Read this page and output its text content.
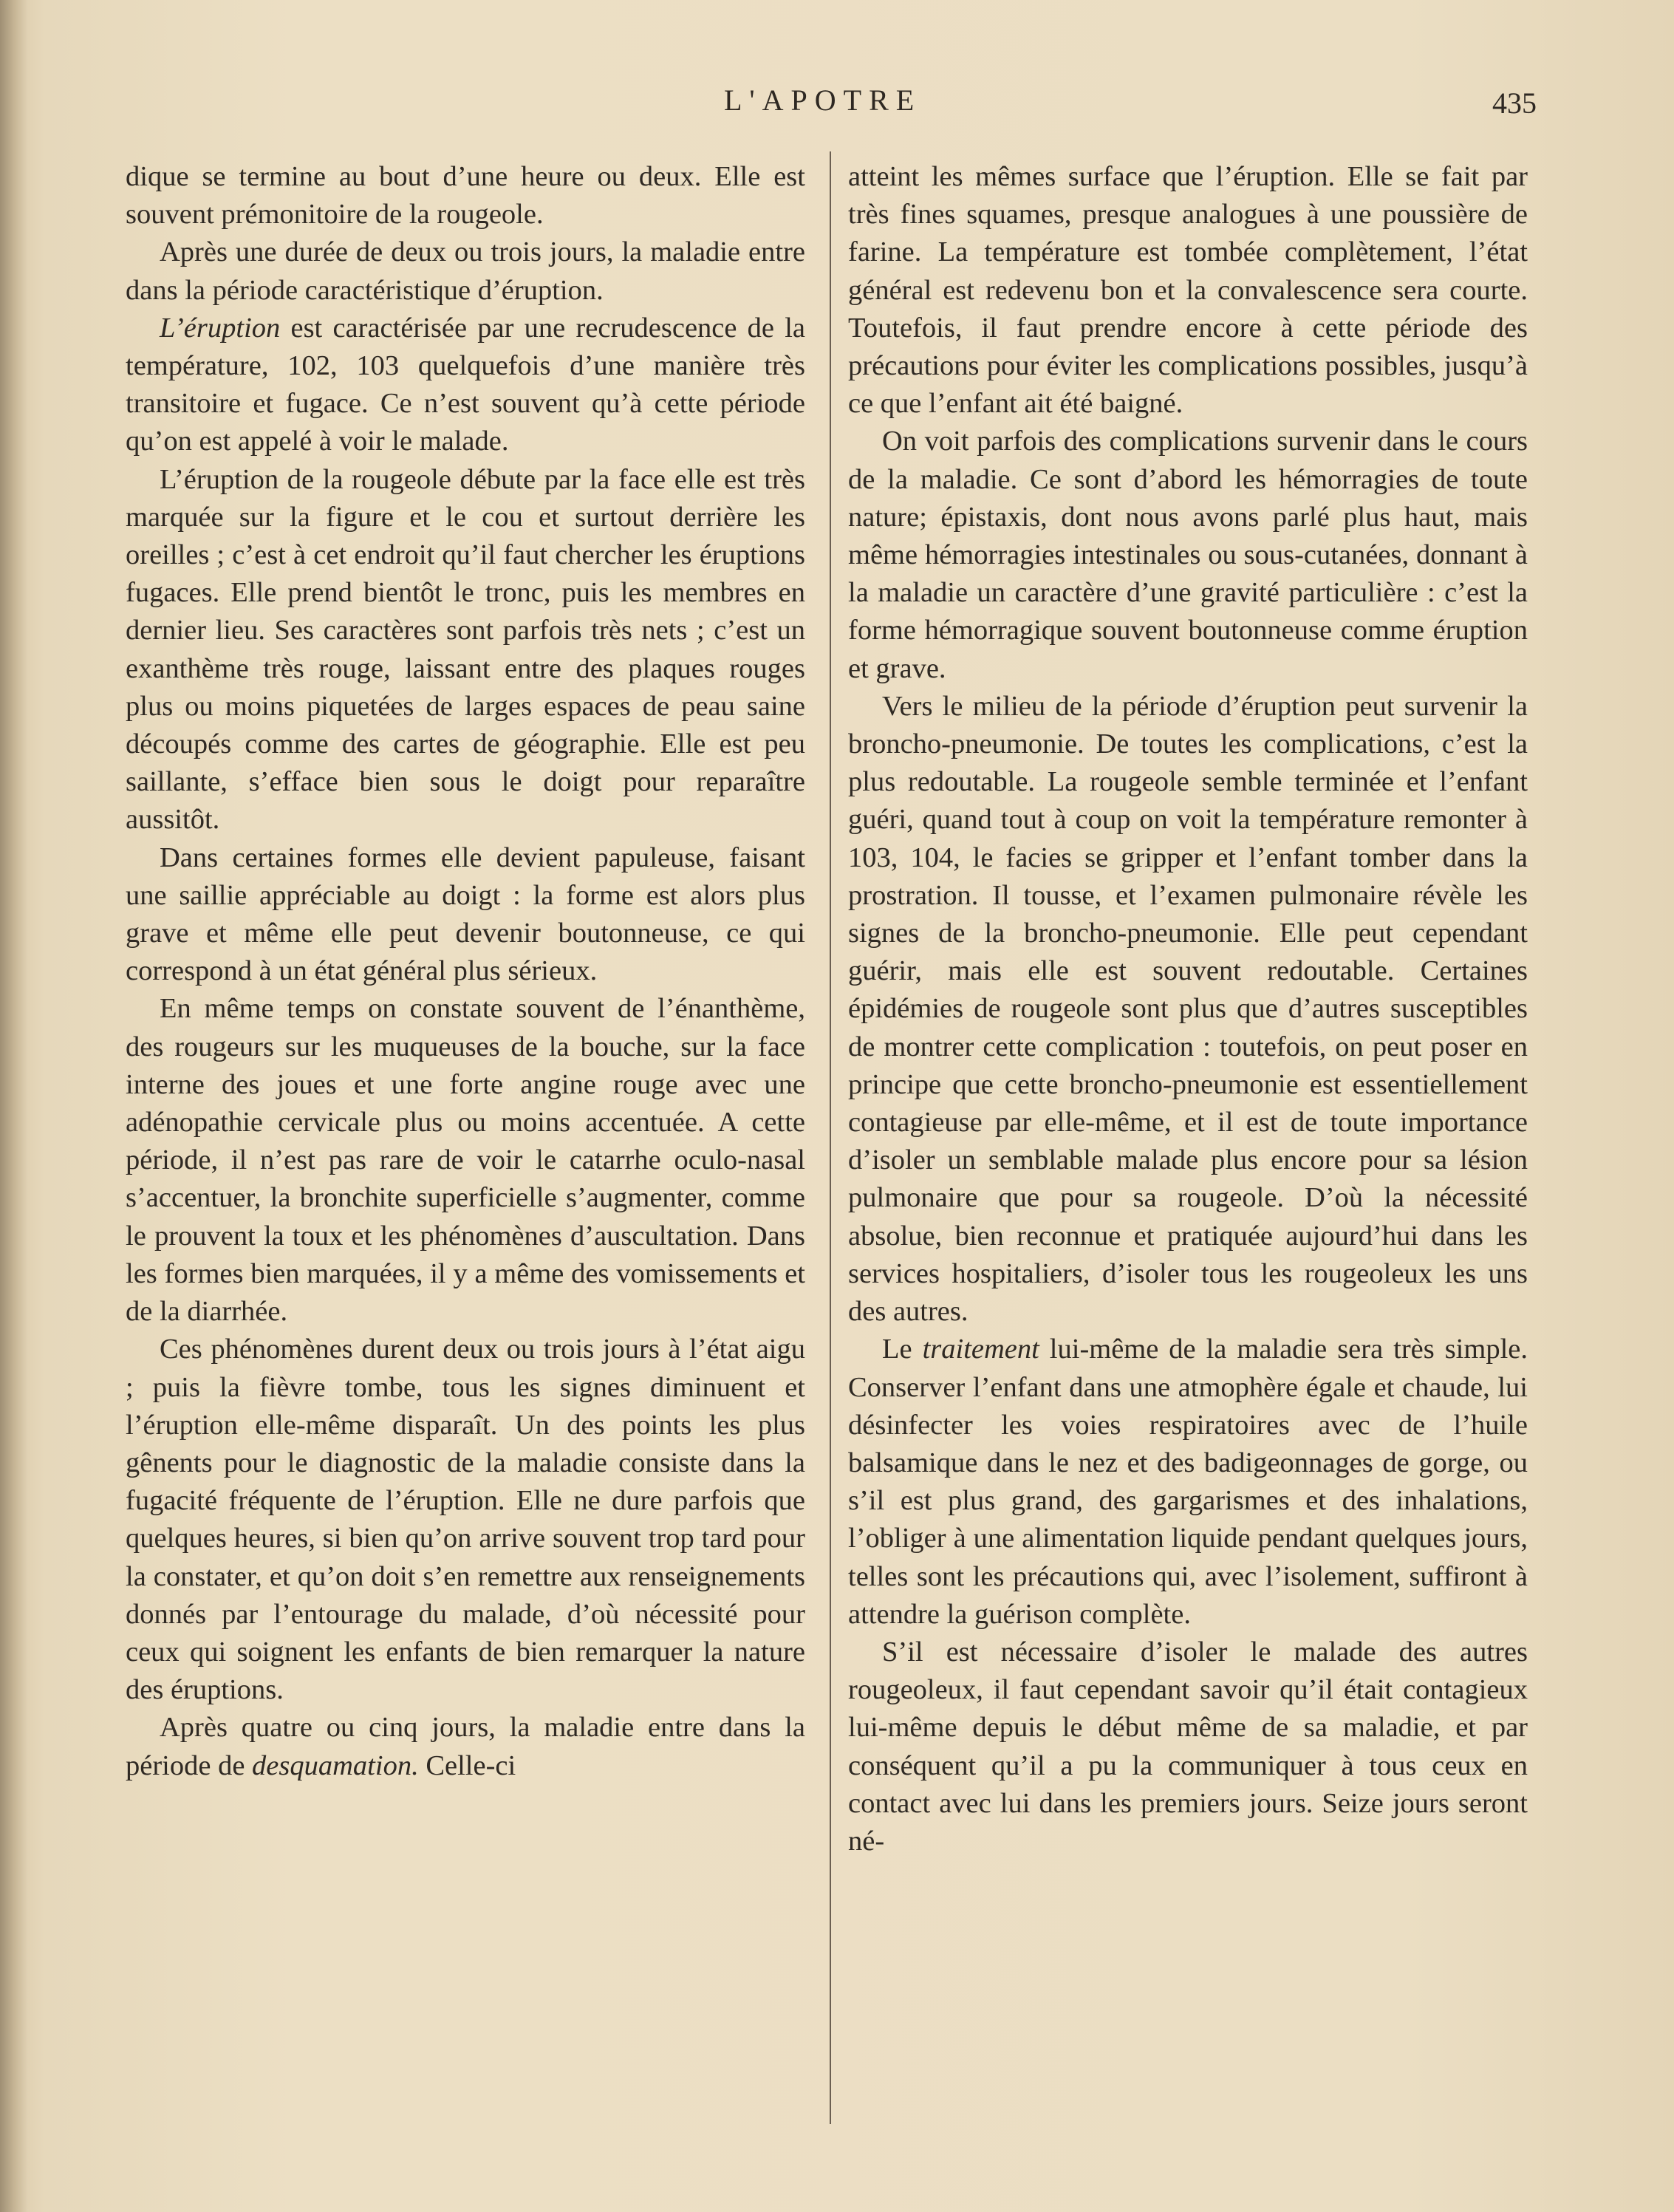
L'APOTRE	435

dique se termine au bout d’une heure ou deux. Elle est souvent prémonitoire de la rougeole.

Après une durée de deux ou trois jours, la maladie entre dans la période caractéristique d’éruption.

L’éruption est caractérisée par une recrudescence de la température, 102, 103 quelquefois d’une manière très transitoire et fugace. Ce n’est souvent qu’à cette période qu’on est appelé à voir le malade.

L’éruption de la rougeole débute par la face elle est très marquée sur la figure et le cou et surtout derrière les oreilles ; c’est à cet endroit qu’il faut chercher les éruptions fugaces. Elle prend bientôt le tronc, puis les membres en dernier lieu. Ses caractères sont parfois très nets ; c’est un exanthème très rouge, laissant entre des plaques rouges plus ou moins piquetées de larges espaces de peau saine découpés comme des cartes de géographie. Elle est peu saillante, s’efface bien sous le doigt pour reparaître aussitôt.

Dans certaines formes elle devient papuleuse, faisant une saillie appréciable au doigt : la forme est alors plus grave et même elle peut devenir boutonneuse, ce qui correspond à un état général plus sérieux.

En même temps on constate souvent de l’énanthème, des rougeurs sur les muqueuses de la bouche, sur la face interne des joues et une forte angine rouge avec une adénopathie cervicale plus ou moins accentuée. A cette période, il n’est pas rare de voir le catarrhe oculo-nasal s’accentuer, la bronchite superficielle s’augmenter, comme le prouvent la toux et les phénomènes d’auscultation. Dans les formes bien marquées, il y a même des vomissements et de la diarrhée.

Ces phénomènes durent deux ou trois jours à l’état aigu ; puis la fièvre tombe, tous les signes diminuent et l’éruption elle-même disparaît. Un des points les plus gênents pour le diagnostic de la maladie consiste dans la fugacité fréquente de l’éruption. Elle ne dure parfois que quelques heures, si bien qu’on arrive souvent trop tard pour la constater, et qu’on doit s’en remettre aux renseignements donnés par l’entourage du malade, d’où nécessité pour ceux qui soignent les enfants de bien remarquer la nature des éruptions.

Après quatre ou cinq jours, la maladie entre dans la période de desquamation. Celle-ci

atteint les mêmes surface que l’éruption. Elle se fait par très fines squames, presque analogues à une poussière de farine. La température est tombée complètement, l’état général est redevenu bon et la convalescence sera courte. Toutefois, il faut prendre encore à cette période des précautions pour éviter les complications possibles, jusqu’à ce que l’enfant ait été baigné.

On voit parfois des complications survenir dans le cours de la maladie. Ce sont d’abord les hémorragies de toute nature; épistaxis, dont nous avons parlé plus haut, mais même hémorragies intestinales ou sous-cutanées, donnant à la maladie un caractère d’une gravité particulière : c’est la forme hémorragique souvent boutonneuse comme éruption et grave.

Vers le milieu de la période d’éruption peut survenir la broncho-pneumonie. De toutes les complications, c’est la plus redoutable. La rougeole semble terminée et l’enfant guéri, quand tout à coup on voit la température remonter à 103, 104, le facies se gripper et l’enfant tomber dans la prostration. Il tousse, et l’examen pulmonaire révèle les signes de la broncho-pneumonie. Elle peut cependant guérir, mais elle est souvent redoutable. Certaines épidémies de rougeole sont plus que d’autres susceptibles de montrer cette complication : toutefois, on peut poser en principe que cette broncho-pneumonie est essentiellement contagieuse par elle-même, et il est de toute importance d’isoler un semblable malade plus encore pour sa lésion pulmonaire que pour sa rougeole. D’où la nécessité absolue, bien reconnue et pratiquée aujourd’hui dans les services hospitaliers, d’isoler tous les rougeoleux les uns des autres.

Le traitement lui-même de la maladie sera très simple. Conserver l’enfant dans une atmophère égale et chaude, lui désinfecter les voies respiratoires avec de l’huile balsamique dans le nez et des badigeonnages de gorge, ou s’il est plus grand, des gargarismes et des inhalations, l’obliger à une alimentation liquide pendant quelques jours, telles sont les précautions qui, avec l’isolement, suffiront à attendre la guérison complète.

S’il est nécessaire d’isoler le malade des autres rougeoleux, il faut cependant savoir qu’il était contagieux lui-même depuis le début même de sa maladie, et par conséquent qu’il a pu la communiquer à tous ceux en contact avec lui dans les premiers jours. Seize jours seront né-
